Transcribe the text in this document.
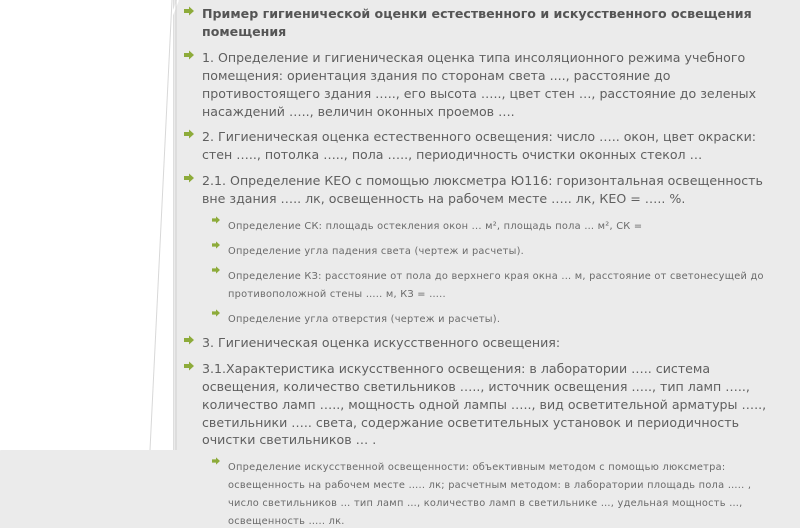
Пример гигиенической оценки естественного и искусственного освещения помещения
1. Определение и гигиеническая оценка типа инсоляционного режима учебного помещения: ориентация здания по сторонам света ...., расстояние до противостоящего здания ….., его высота ….., цвет стен …, расстояние до зеленых насаждений ….., величин оконных проемов ….
2. Гигиеническая оценка естественного освещения: число ….. окон, цвет окраски: стен ….., потолка ….., пола ….., периодичность очистки оконных стекол …
2.1. Определение КЕО с помощью люксметра Ю116: горизонтальная освещенность вне здания ….. лк, освещенность на рабочем месте ….. лк, КЕО = ….. %.
Определение СК: площадь остекления окон ... м², площадь пола … м², СК =
Определение угла падения света (чертеж и расчеты).
Определение КЗ: расстояние от пола до верхнего края окна ... м, расстояние от светонесущей до противоположной стены ….. м, КЗ = …..
Определение угла отверстия (чертеж и расчеты).
3. Гигиеническая оценка искусственного освещения:
3.1.Характеристика искусственного освещения: в лаборатории ….. система освещения, количество светильников ….., источник освещения ….., тип ламп ….., количество ламп ….., мощность одной лампы ….., вид осветительной арматуры ….., светильники ….. света, содержание осветительных установок и периодичность очистки светильников … .
Определение искусственной освещенности: объективным методом с помощью люксметра: освещенность на рабочем месте ….. лк; расчетным методом: в лаборатории площадь пола ….. , число светильников … тип ламп …, количество ламп в светильнике …, удельная мощность …, освещенность ….. лк.
